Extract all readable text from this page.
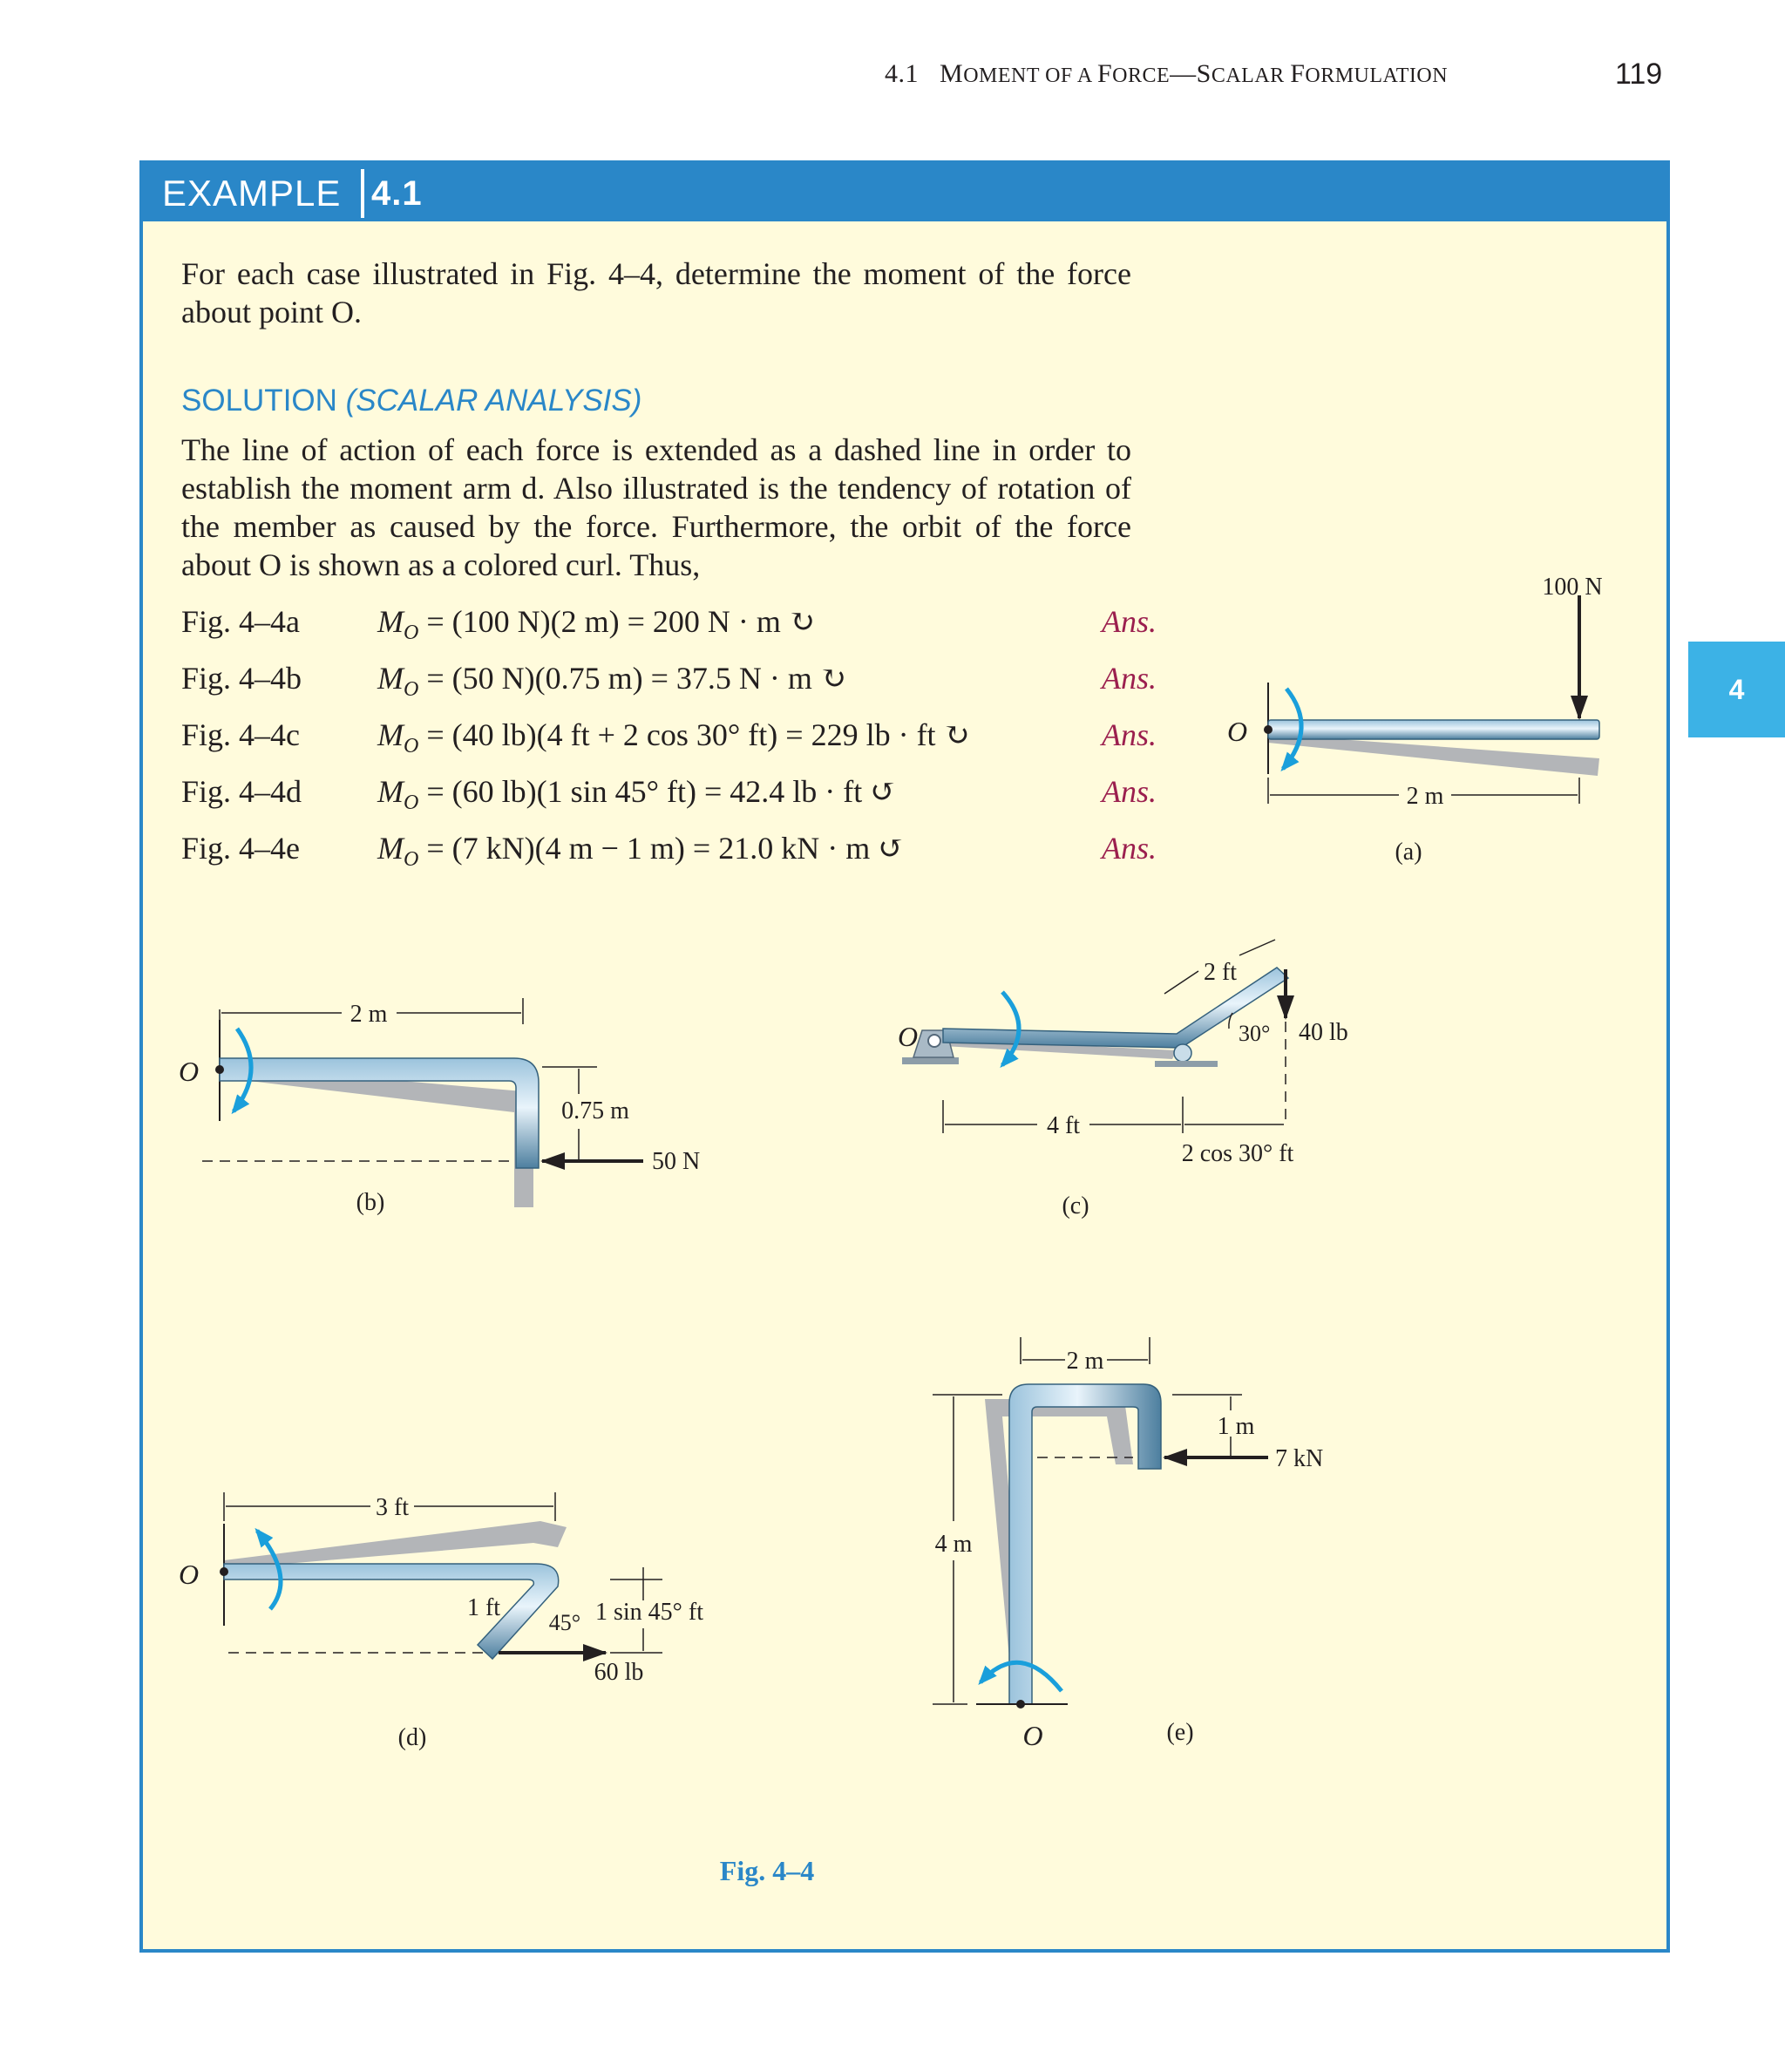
4.1 MOMENT OF A FORCE—SCALAR FORMULATION	119
4
EXAMPLE 4.1
For each case illustrated in Fig. 4–4, determine the moment of the force about point O.
SOLUTION (SCALAR ANALYSIS)
The line of action of each force is extended as a dashed line in order to establish the moment arm d. Also illustrated is the tendency of rotation of the member as caused by the force. Furthermore, the orbit of the force about O is shown as a colored curl. Thus,
Fig. 4–4a	$M_O = (100$ N)(2 m) = 200 N · m ↻	Ans.
Fig. 4–4b	$M_O = (50$ N)(0.75 m) = 37.5 N · m ↻	Ans.
Fig. 4–4c	$M_O = (40$ lb)(4 ft + 2 cos 30° ft) = 229 lb · ft ↻	Ans.
Fig. 4–4d	$M_O = (60$ lb)(1 sin 45° ft) = 42.4 lb · ft ↺	Ans.
Fig. 4–4e	$M_O = (7$ kN)(4 m − 1 m) = 21.0 kN · m ↺	Ans.
100 N
O
2 m
(a)
O
2 m
0.75 m
50 N
(b)
O	40 lb
30°
2 ft
4 ft
2 cos 30° ft
(c)
O
3 ft
1 ft
60 lb
45° 1 sin 45° ft
(d)	O
2 m
4 m
1 m
7 kN
(e)
Fig. 4–4
